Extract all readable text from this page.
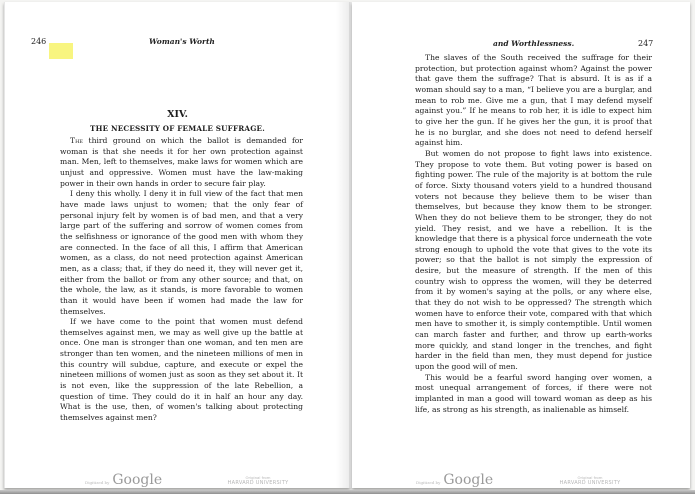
246	Woman's Worth
XIV.
THE NECESSITY OF FEMALE SUFFRAGE.

The third ground on which the ballot is demanded for woman is that she needs it for her own protection against man. Men, left to themselves, make laws for women which are unjust and oppressive. Women must have the law-making power in their own hands in order to secure fair play.

I deny this wholly. I deny it in full view of the fact that men have made laws unjust to women; that the only fear of personal injury felt by women is of bad men, and that a very large part of the suffering and sorrow of women comes from the selfishness or ignorance of the good men with whom they are connected. In the face of all this, I affirm that American women, as a class, do not need protection against American men, as a class; that, if they do need it, they will never get it, either from the ballot or from any other source; and that, on the whole, the law, as it stands, is more favorable to women than it would have been if women had made the law for themselves.

If we have come to the point that women must defend themselves against men, we may as well give up the battle at once. One man is stronger than one woman, and ten men are stronger than ten women, and the nineteen millions of men in this country will subdue, capture, and execute or expel the nineteen millions of women just as soon as they set about it. It is not even, like the suppression of the late Rebellion, a question of time. They could do it in half an hour any day. What is the use, then, of women's talking about protecting themselves against men?

Digitized by Google	Original from
HARVARD UNIVERSITY
and Worthlessness.	247

The slaves of the South received the suffrage for their protection, but protection against whom? Against the power that gave them the suffrage? That is absurd. It is as if a woman should say to a man, “I believe you are a burglar, and mean to rob me. Give me a gun, that I may defend myself against you.” If he means to rob her, it is idle to expect him to give her the gun. If he gives her the gun, it is proof that he is no burglar, and she does not need to defend herself against him.

But women do not propose to fight laws into existence. They propose to vote them. But voting power is based on fighting power. The rule of the majority is at bottom the rule of force. Sixty thousand voters yield to a hundred thousand voters not because they believe them to be wiser than themselves, but because they know them to be stronger. When they do not believe them to be stronger, they do not yield. They resist, and we have a rebellion. It is the knowledge that there is a physical force underneath the vote strong enough to uphold the vote that gives to the vote its power; so that the ballot is not simply the expression of desire, but the measure of strength. If the men of this country wish to oppress the women, will they be deterred from it by women's saying at the polls, or any where else, that they do not wish to be oppressed? The strength which women have to enforce their vote, compared with that which men have to smother it, is simply contemptible. Until women can march faster and further, and throw up earth-works more quickly, and stand longer in the trenches, and fight harder in the field than men, they must depend for justice upon the good will of men.

This would be a fearful sword hanging over women, a most unequal arrangement of forces, if there were not implanted in man a good will toward woman as deep as his life, as strong as his strength, as inalienable as himself.

Digitized by Google	Original from
HARVARD UNIVERSITY
